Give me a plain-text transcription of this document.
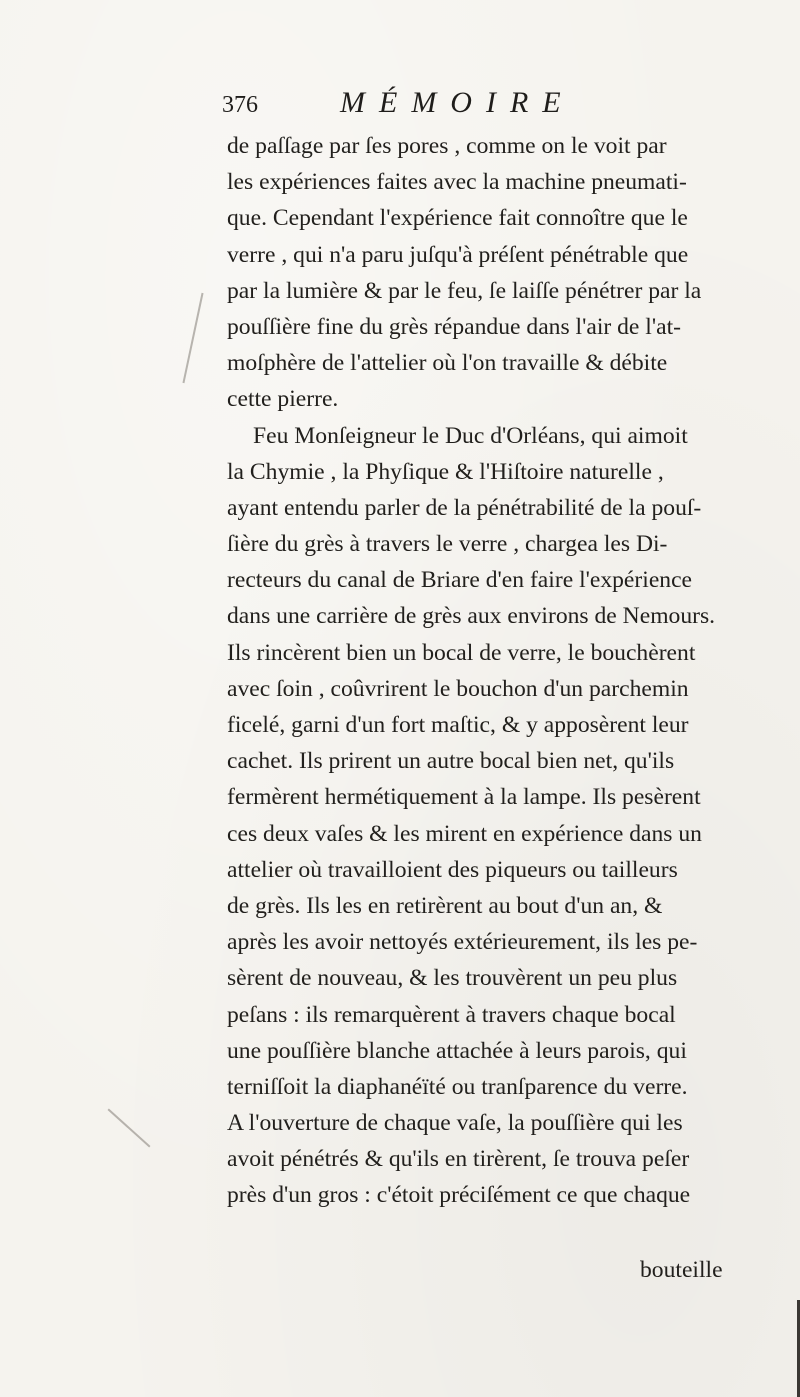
376	MÉMOIRE
de paſſage par ſes pores , comme on le voit par
les expériences faites avec la machine pneumati-
que. Cependant l'expérience fait connoître que le
verre , qui n'a paru juſqu'à préſent pénétrable que
par la lumière & par le feu, ſe laiſſe pénétrer par la
pouſſière fine du grès répandue dans l'air de l'at-
moſphère de l'attelier où l'on travaille & débite
cette pierre.
Feu Monſeigneur le Duc d'Orléans, qui aimoit
la Chymie , la Phyſique & l'Hiſtoire naturelle ,
ayant entendu parler de la pénétrabilité de la pouſ-
ſière du grès à travers le verre , chargea les Di-
recteurs du canal de Briare d'en faire l'expérience
dans une carrière de grès aux environs de Nemours.
Ils rincèrent bien un bocal de verre, le bouchèrent
avec ſoin , coûvrirent le bouchon d'un parchemin
ficelé, garni d'un fort maſtic, & y apposèrent leur
cachet. Ils prirent un autre bocal bien net, qu'ils
fermèrent hermétiquement à la lampe. Ils pesèrent
ces deux vaſes & les mirent en expérience dans un
attelier où travailloient des piqueurs ou tailleurs
de grès. Ils les en retirèrent au bout d'un an, &
après les avoir nettoyés extérieurement, ils les pe-
sèrent de nouveau, & les trouvèrent un peu plus
peſans : ils remarquèrent à travers chaque bocal
une pouſſière blanche attachée à leurs parois, qui
terniſſoit la diaphanéïté ou tranſparence du verre.
A l'ouverture de chaque vaſe, la pouſſière qui les
avoit pénétrés & qu'ils en tirèrent, ſe trouva peſer
près d'un gros : c'étoit préciſément ce que chaque
bouteille
